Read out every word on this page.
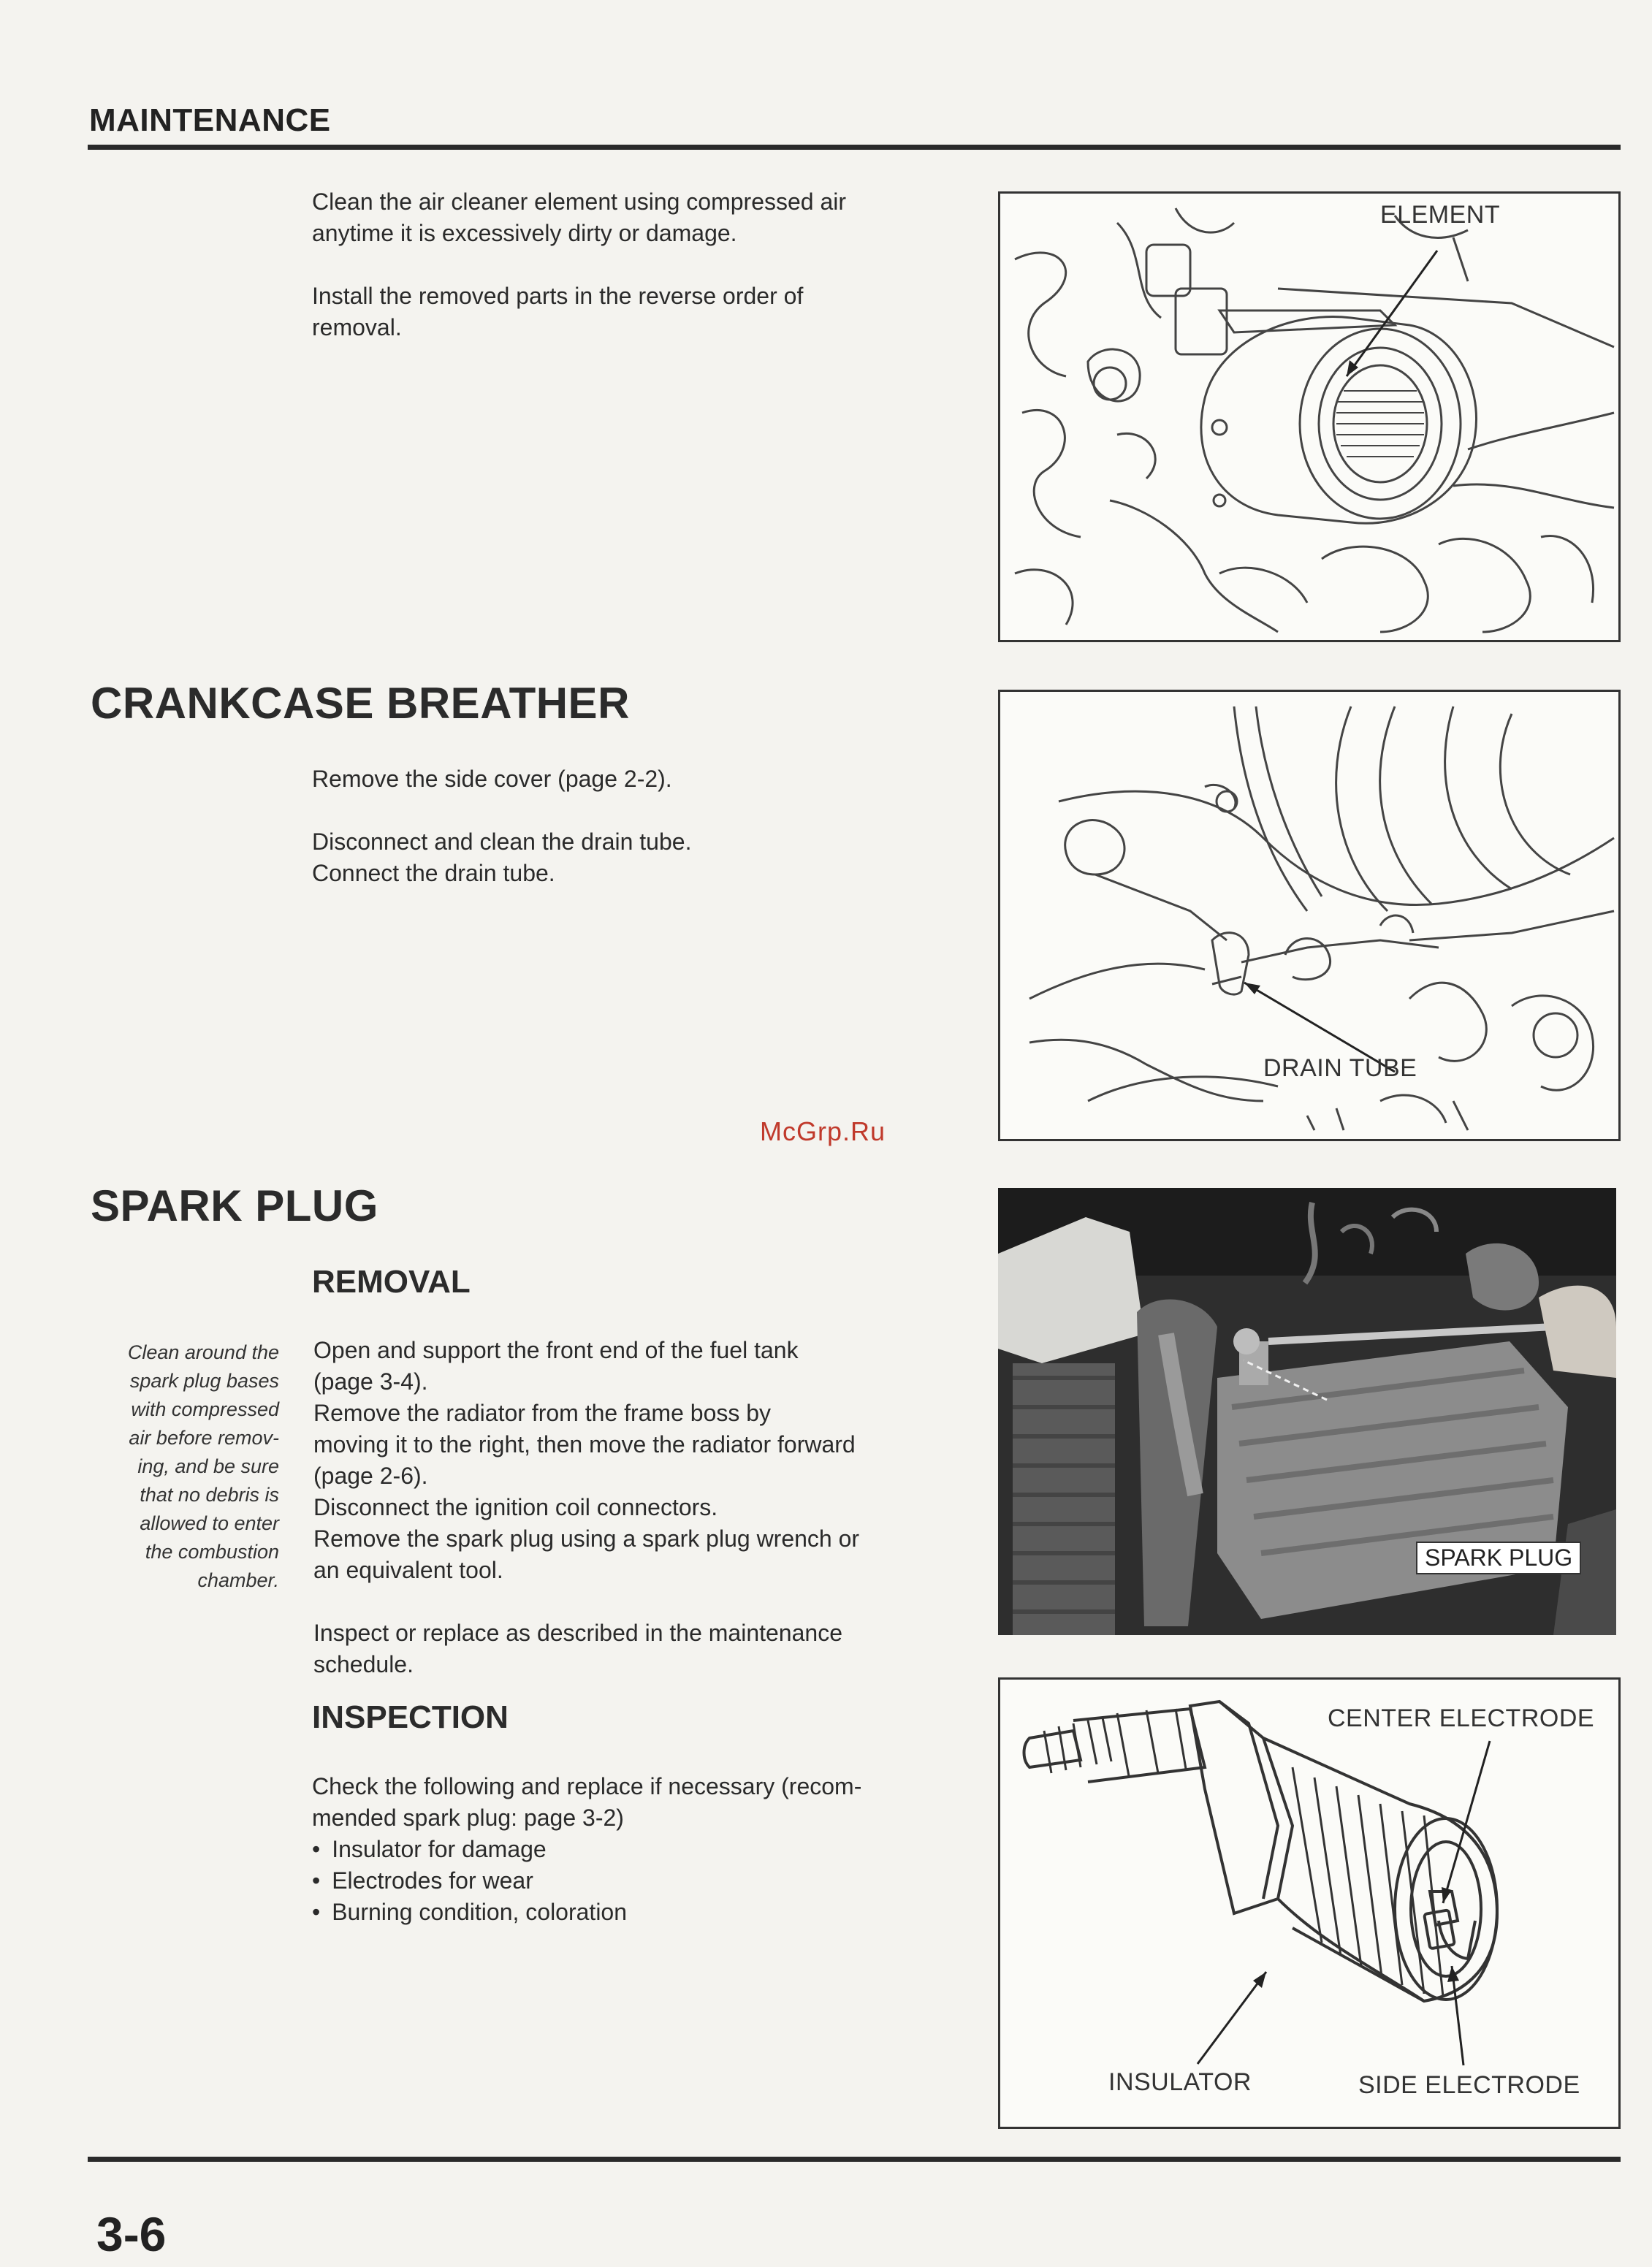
MAINTENANCE

Clean the air cleaner element using compressed air
anytime it is excessively dirty or damage.

Install the removed parts in the reverse order of
removal.

ELEMENT
CRANKCASE BREATHER

Remove the side cover (page 2-2).

Disconnect and clean the drain tube.
Connect the drain tube.

DRAIN TUBE
McGrp.Ru
SPARK PLUG
REMOVAL
Clean around the
spark plug bases
with compressed
air before remov-
ing, and be sure
that no debris is
allowed to enter
the combustion
chamber.

Open and support the front end of the fuel tank
(page 3-4).
Remove the radiator from the frame boss by
moving it to the right, then move the radiator forward
(page 2-6).
Disconnect the ignition coil connectors.
Remove the spark plug using a spark plug wrench or
an equivalent tool.

Inspect or replace as described in the maintenance
schedule.

SPARK PLUG
INSPECTION
Check the following and replace if necessary (recom-
mended spark plug: page 3-2)
• Insulator for damage
• Electrodes for wear
• Burning condition, coloration
CENTER ELECTRODE
INSULATOR	SIDE ELECTRODE
3-6
